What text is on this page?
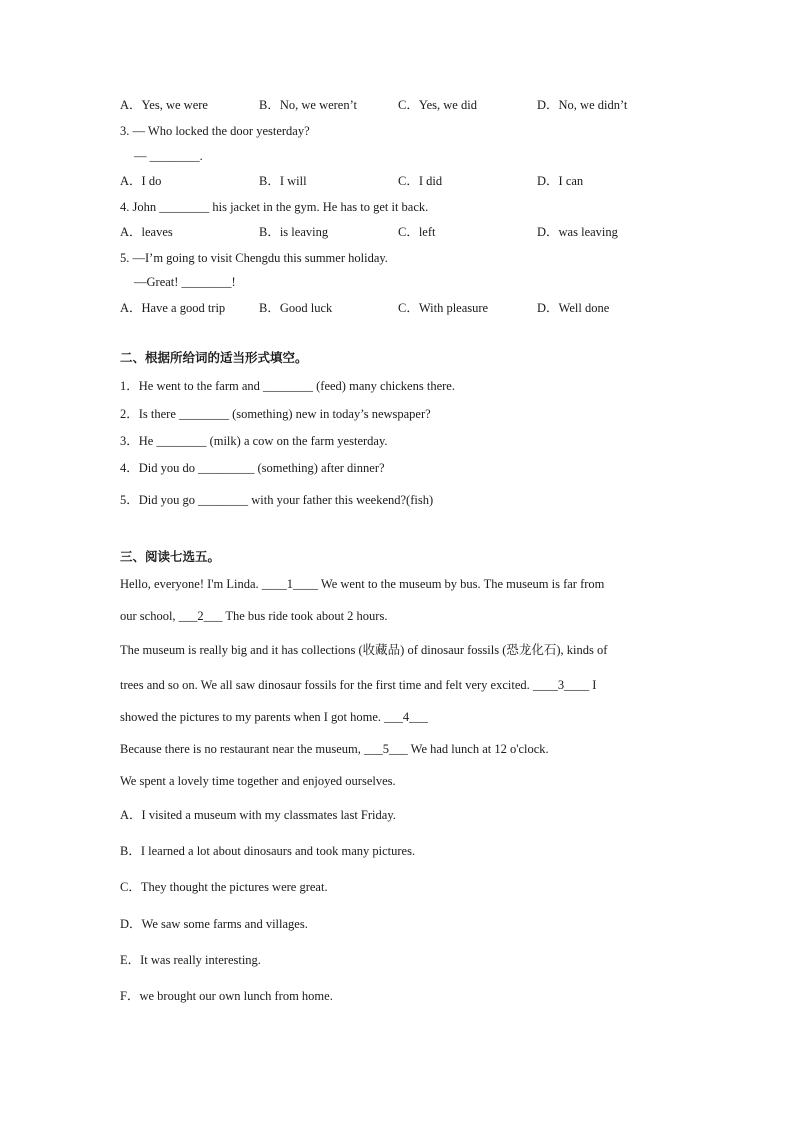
A．Yes, we were	B．No, we weren’t	C．Yes, we did	D．No, we didn’t
3. — Who locked the door yesterday?
— ________.
A．I do	B．I will	C．I did	D．I can
4. John ________ his jacket in the gym. He has to get it back.
A．leaves	B．is leaving	C．left	D．was leaving
5. —I’m going to visit Chengdu this summer holiday.
—Great! ________!
A．Have a good trip	B．Good luck	C．With pleasure	D．Well done
二、根据所给词的适当形式填空。
1．He went to the farm and ________ (feed) many chickens there.
2．Is there ________ (something) new in today’s newspaper?
3．He ________ (milk) a cow on the farm yesterday.
4．Did you do _________ (something) after dinner?
5．Did you go ________ with your father this weekend?(fish)
三、阅读七选五。
Hello, everyone! I'm Linda. ____1____ We went to the museum by bus. The museum is far from
our school, ___2___ The bus ride took about 2 hours.
The museum is really big and it has collections (收藏品) of dinosaur fossils (恐龙化石), kinds of
trees and so on. We all saw dinosaur fossils for the first time and felt very excited. ____3____ I
showed the pictures to my parents when I got home. ___4___
Because there is no restaurant near the museum, ___5___ We had lunch at 12 o'clock.
We spent a lovely time together and enjoyed ourselves.
A．I visited a museum with my classmates last Friday.
B．I learned a lot about dinosaurs and took many pictures.
C．They thought the pictures were great.
D．We saw some farms and villages.
E．It was really interesting.
F．we brought our own lunch from home.
